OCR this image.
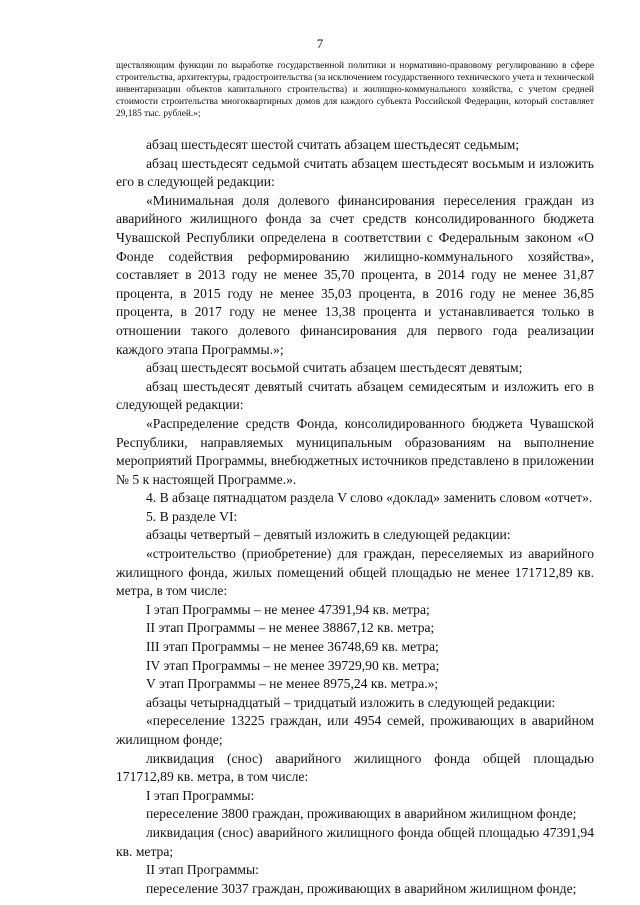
7

ществляющим функции по выработке государственной политики и нормативно-правовому регулированию в сфере строительства, архитектуры, градостроительства (за исключением государственного технического учета и технической инвентаризации объектов капитального строительства) и жилищно-коммунального хозяйства, с учетом средней стоимости строительства многоквартирных домов для каждого субъекта Российской Федерации, который составляет 29,185 тыс. рублей.»;

абзац шестьдесят шестой считать абзацем шестьдесят седьмым;

абзац шестьдесят седьмой считать абзацем шестьдесят восьмым и изложить его в следующей редакции:

«Минимальная доля долевого финансирования переселения граждан из аварийного жилищного фонда за счет средств консолидированного бюджета Чувашской Республики определена в соответствии с Федеральным законом «О Фонде содействия реформированию жилищно-коммунального хозяйства», составляет в 2013 году не менее 35,70 процента, в 2014 году не менее 31,87 процента, в 2015 году не менее 35,03 процента, в 2016 году не менее 36,85 процента, в 2017 году не менее 13,38 процента и устанавливается только в отношении такого долевого финансирования для первого года реализации каждого этапа Программы.»;

абзац шестьдесят восьмой считать абзацем шестьдесят девятым;

абзац шестьдесят девятый считать абзацем семидесятым и изложить его в следующей редакции:

«Распределение средств Фонда, консолидированного бюджета Чувашской Республики, направляемых муниципальным образованиям на выполнение мероприятий Программы, внебюджетных источников представлено в приложении № 5 к настоящей Программе.».

4. В абзаце пятнадцатом раздела V слово «доклад» заменить словом «отчет».

5. В разделе VI:

абзацы четвертый – девятый изложить в следующей редакции:

«строительство (приобретение) для граждан, переселяемых из аварийного жилищного фонда, жилых помещений общей площадью не менее 171712,89 кв. метра, в том числе:

I этап Программы – не менее 47391,94 кв. метра;

II этап Программы – не менее 38867,12 кв. метра;

III этап Программы – не менее 36748,69 кв. метра;

IV этап Программы – не менее 39729,90 кв. метра;

V этап Программы – не менее 8975,24 кв. метра.»;

абзацы четырнадцатый – тридцатый изложить в следующей редакции:

«переселение 13225 граждан, или 4954 семей, проживающих в аварийном жилищном фонде;

ликвидация (снос) аварийного жилищного фонда общей площадью 171712,89 кв. метра, в том числе:

I этап Программы:

переселение 3800 граждан, проживающих в аварийном жилищном фонде;

ликвидация (снос) аварийного жилищного фонда общей площадью 47391,94 кв. метра;

II этап Программы:

переселение 3037 граждан, проживающих в аварийном жилищном фонде;
